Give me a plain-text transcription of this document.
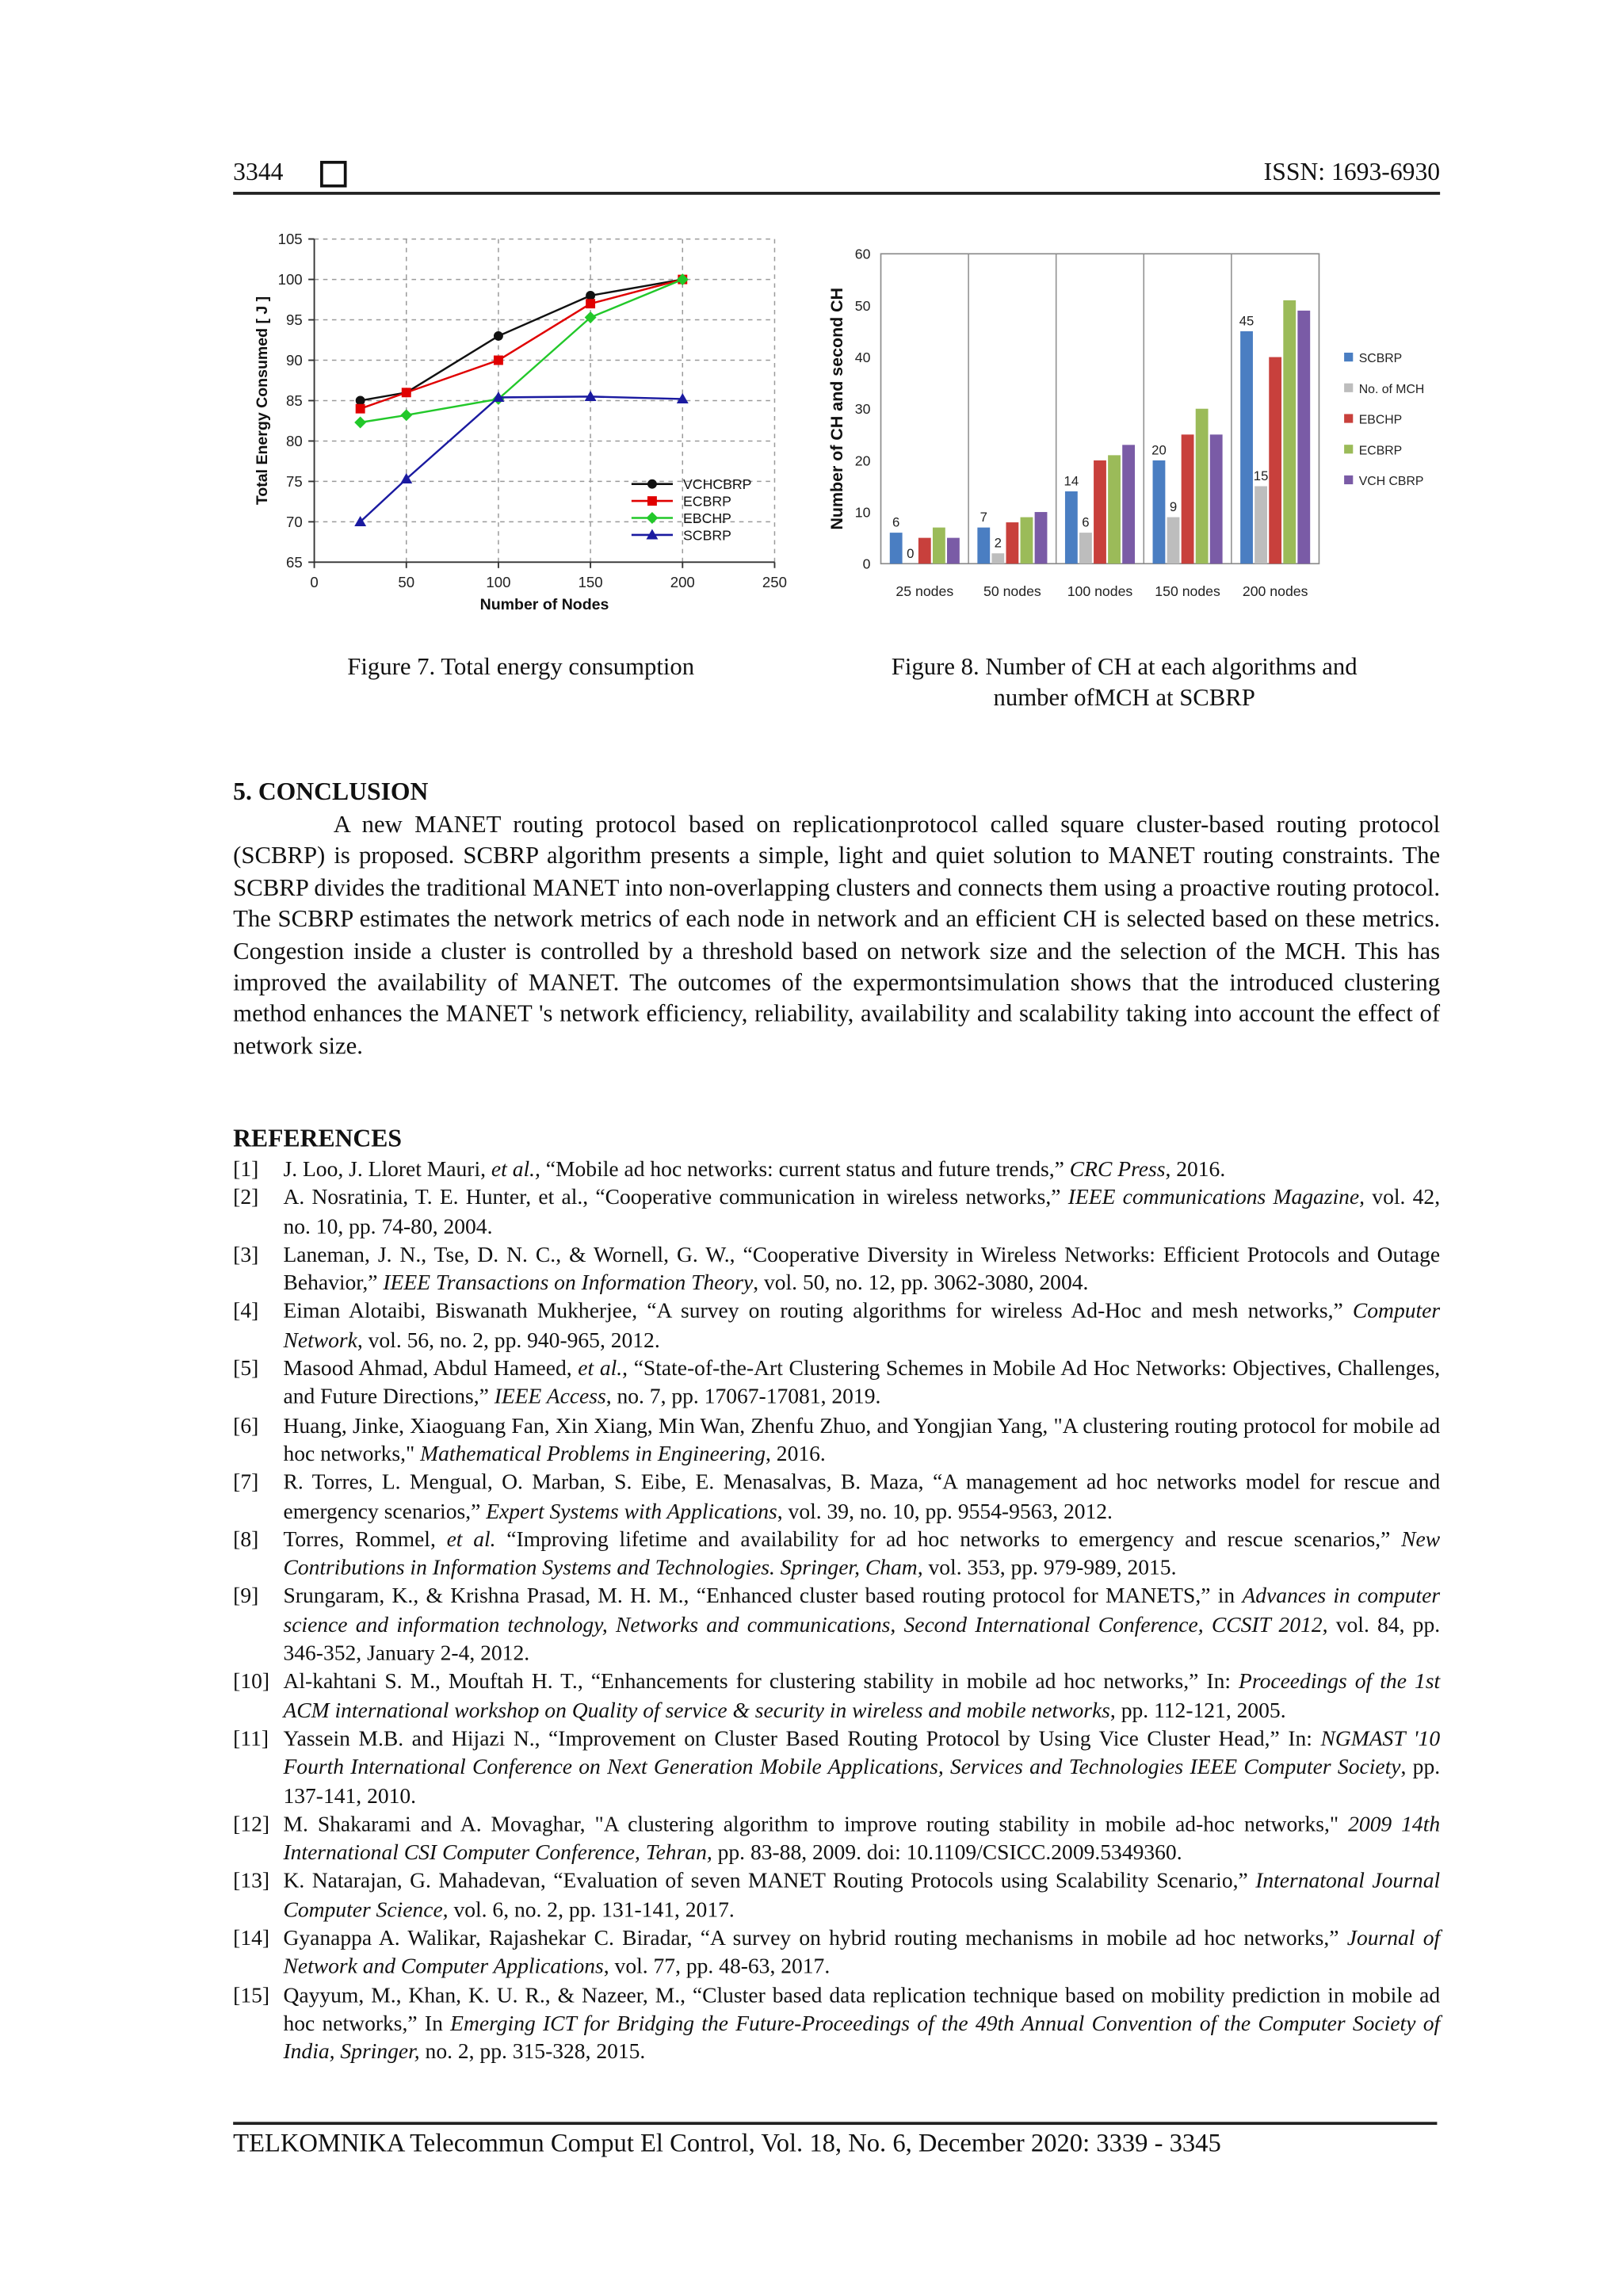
3344	ISSN: 1693-6930
65
70
75
80
85
90
95
100
105
0	50	100	150	200	250
Number of Nodes
Total Energy Consumed [ J ]	VCHCBRP
ECBRP
EBCHP
SCBRP
Figure 7. Total energy consumption
0
10
20
30
40
50
60
Number of CH and second CH	6
0
25 nodes
7
2
50 nodes
14
6
100 nodes
20
9
150 nodes
45
15
200 nodes
SCBRP
No. of MCH
EBCHP
ECBRP
VCH CBRP
Figure 8. Number of CH at each algorithms and
number ofMCH at SCBRP
5. CONCLUSION
A new MANET routing protocol based on replicationprotocol called square cluster-based routing protocol (SCBRP) is proposed. SCBRP algorithm presents a simple, light and quiet solution to MANET routing constraints. The SCBRP divides the traditional MANET into non-overlapping clusters and connects them using a proactive routing protocol. The SCBRP estimates the network metrics of each node in network and an efficient CH is selected based on these metrics. Congestion inside a cluster is controlled by a threshold based on network size and the selection of the MCH. This has improved the availability of MANET. The outcomes of the expermontsimulation shows that the introduced clustering method enhances the MANET 's network efficiency, reliability, availability and scalability taking into account the effect of network size.
REFERENCES
[1]	J. Loo, J. Lloret Mauri, et al., “Mobile ad hoc networks: current status and future trends,” CRC Press, 2016.
[2]	A. Nosratinia, T. E. Hunter, et al., “Cooperative communication in wireless networks,” IEEE communications Magazine, vol. 42, no. 10, pp. 74-80, 2004.
[3]	Laneman, J. N., Tse, D. N. C., & Wornell, G. W., “Cooperative Diversity in Wireless Networks: Efficient Protocols and Outage Behavior,” IEEE Transactions on Information Theory, vol. 50, no. 12, pp. 3062-3080, 2004.
[4]	Eiman Alotaibi, Biswanath Mukherjee, “A survey on routing algorithms for wireless Ad-Hoc and mesh networks,” Computer Network, vol. 56, no. 2, pp. 940-965, 2012.
[5]	Masood Ahmad, Abdul Hameed, et al., “State-of-the-Art Clustering Schemes in Mobile Ad Hoc Networks: Objectives, Challenges, and Future Directions,” IEEE Access, no. 7, pp. 17067-17081, 2019.
[6]	Huang, Jinke, Xiaoguang Fan, Xin Xiang, Min Wan, Zhenfu Zhuo, and Yongjian Yang, "A clustering routing protocol for mobile ad hoc networks," Mathematical Problems in Engineering, 2016.
[7]	R. Torres, L. Mengual, O. Marban, S. Eibe, E. Menasalvas, B. Maza, “A management ad hoc networks model for rescue and emergency scenarios,” Expert Systems with Applications, vol. 39, no. 10, pp. 9554-9563, 2012.
[8]	Torres, Rommel, et al. “Improving lifetime and availability for ad hoc networks to emergency and rescue scenarios,” New Contributions in Information Systems and Technologies. Springer, Cham, vol. 353, pp. 979-989, 2015.
[9]	Srungaram, K., & Krishna Prasad, M. H. M., “Enhanced cluster based routing protocol for MANETS,” in Advances in computer science and information technology, Networks and communications, Second International Conference, CCSIT 2012, vol. 84, pp. 346-352, January 2-4, 2012.
[10]	Al-kahtani S. M., Mouftah H. T., “Enhancements for clustering stability in mobile ad hoc networks,” In: Proceedings of the 1st ACM international workshop on Quality of service & security in wireless and mobile networks, pp. 112-121, 2005.
[11]	Yassein M.B. and Hijazi N., “Improvement on Cluster Based Routing Protocol by Using Vice Cluster Head,” In: NGMAST '10 Fourth International Conference on Next Generation Mobile Applications, Services and Technologies IEEE Computer Society, pp. 137-141, 2010.
[12]	M. Shakarami and A. Movaghar, "A clustering algorithm to improve routing stability in mobile ad-hoc networks," 2009 14th International CSI Computer Conference, Tehran, pp. 83-88, 2009. doi: 10.1109/CSICC.2009.5349360.
[13]	K. Natarajan, G. Mahadevan, “Evaluation of seven MANET Routing Protocols using Scalability Scenario,” Internatonal Journal Computer Science, vol. 6, no. 2, pp. 131-141, 2017.
[14]	Gyanappa A. Walikar, Rajashekar C. Biradar, “A survey on hybrid routing mechanisms in mobile ad hoc networks,” Journal of Network and Computer Applications, vol. 77, pp. 48-63, 2017.
[15]	Qayyum, M., Khan, K. U. R., & Nazeer, M., “Cluster based data replication technique based on mobility prediction in mobile ad hoc networks,” In Emerging ICT for Bridging the Future-Proceedings of the 49th Annual Convention of the Computer Society of India, Springer, no. 2, pp. 315-328, 2015.
TELKOMNIKA Telecommun Comput El Control, Vol. 18, No. 6, December 2020: 3339 - 3345
